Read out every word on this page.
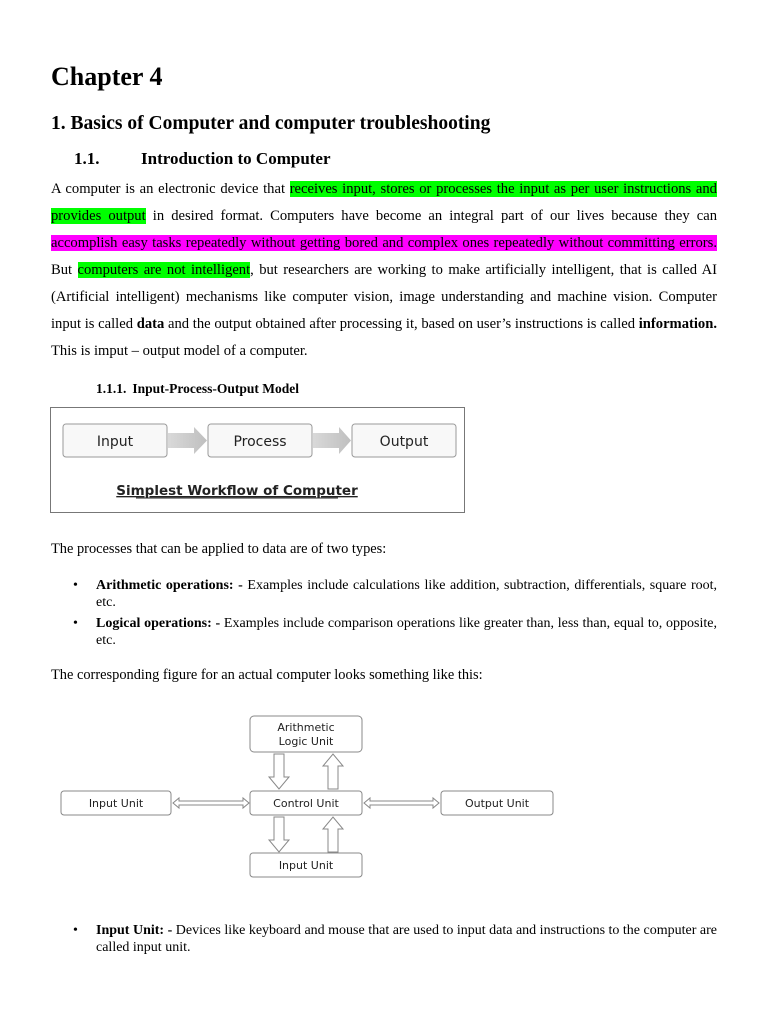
Chapter 4
1. Basics of Computer and computer troubleshooting
1.1. Introduction to Computer

A computer is an electronic device that receives input, stores or processes the input as per user instructions and provides output in desired format. Computers have become an integral part of our lives because they can accomplish easy tasks repeatedly without getting bored and complex ones repeatedly without committing errors. But computers are not intelligent, but researchers are working to make artificially intelligent, that is called AI (Artificial intelligent) mechanisms like computer vision, image understanding and machine vision. Computer input is called data and the output obtained after processing it, based on user’s instructions is called information. This is imput – output model of a computer.

1.1.1. Input-Process-Output Model
Input	Process	Output
Simplest Workflow of Computer

The processes that can be applied to data are of two types:

• Arithmetic operations: - Examples include calculations like addition, subtraction, differentials, square root, etc.
• Logical operations: - Examples include comparison operations like greater than, less than, equal to, opposite, etc.

The corresponding figure for an actual computer looks something like this:

Arithmetic
Logic Unit
Control Unit
Input Unit	Output Unit
Input Unit
• Input Unit: - Devices like keyboard and mouse that are used to input data and instructions to the computer are called input unit.
